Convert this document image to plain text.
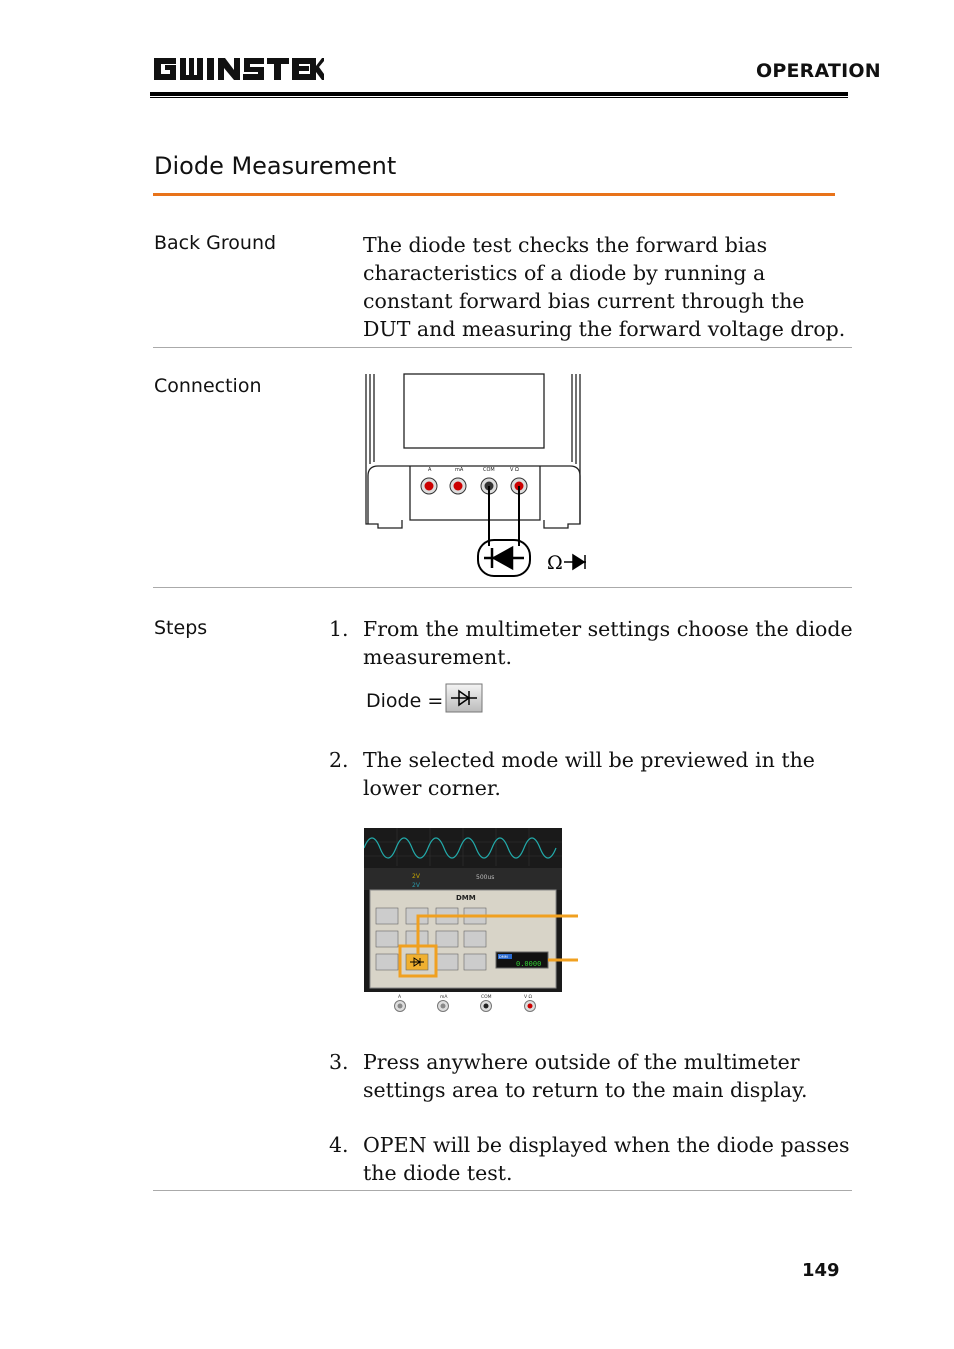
OPERATION
Diode Measurement
Back Ground	The diode test checks the forward bias characteristics of a diode by running a constant forward bias current through the DUT and measuring the forward voltage drop.
Connection
A	mA	COM	V Ω
Ω
Steps	1. From the multimeter settings choose the diode measurement.
Diode =
2. The selected mode will be previewed in the lower corner.
2V
2V
500us
DMM
DMM
0.0000
A	mA	COM	V Ω
3. Press anywhere outside of the multimeter settings area to return to the main display.
4. OPEN will be displayed when the diode passes the diode test.
149
